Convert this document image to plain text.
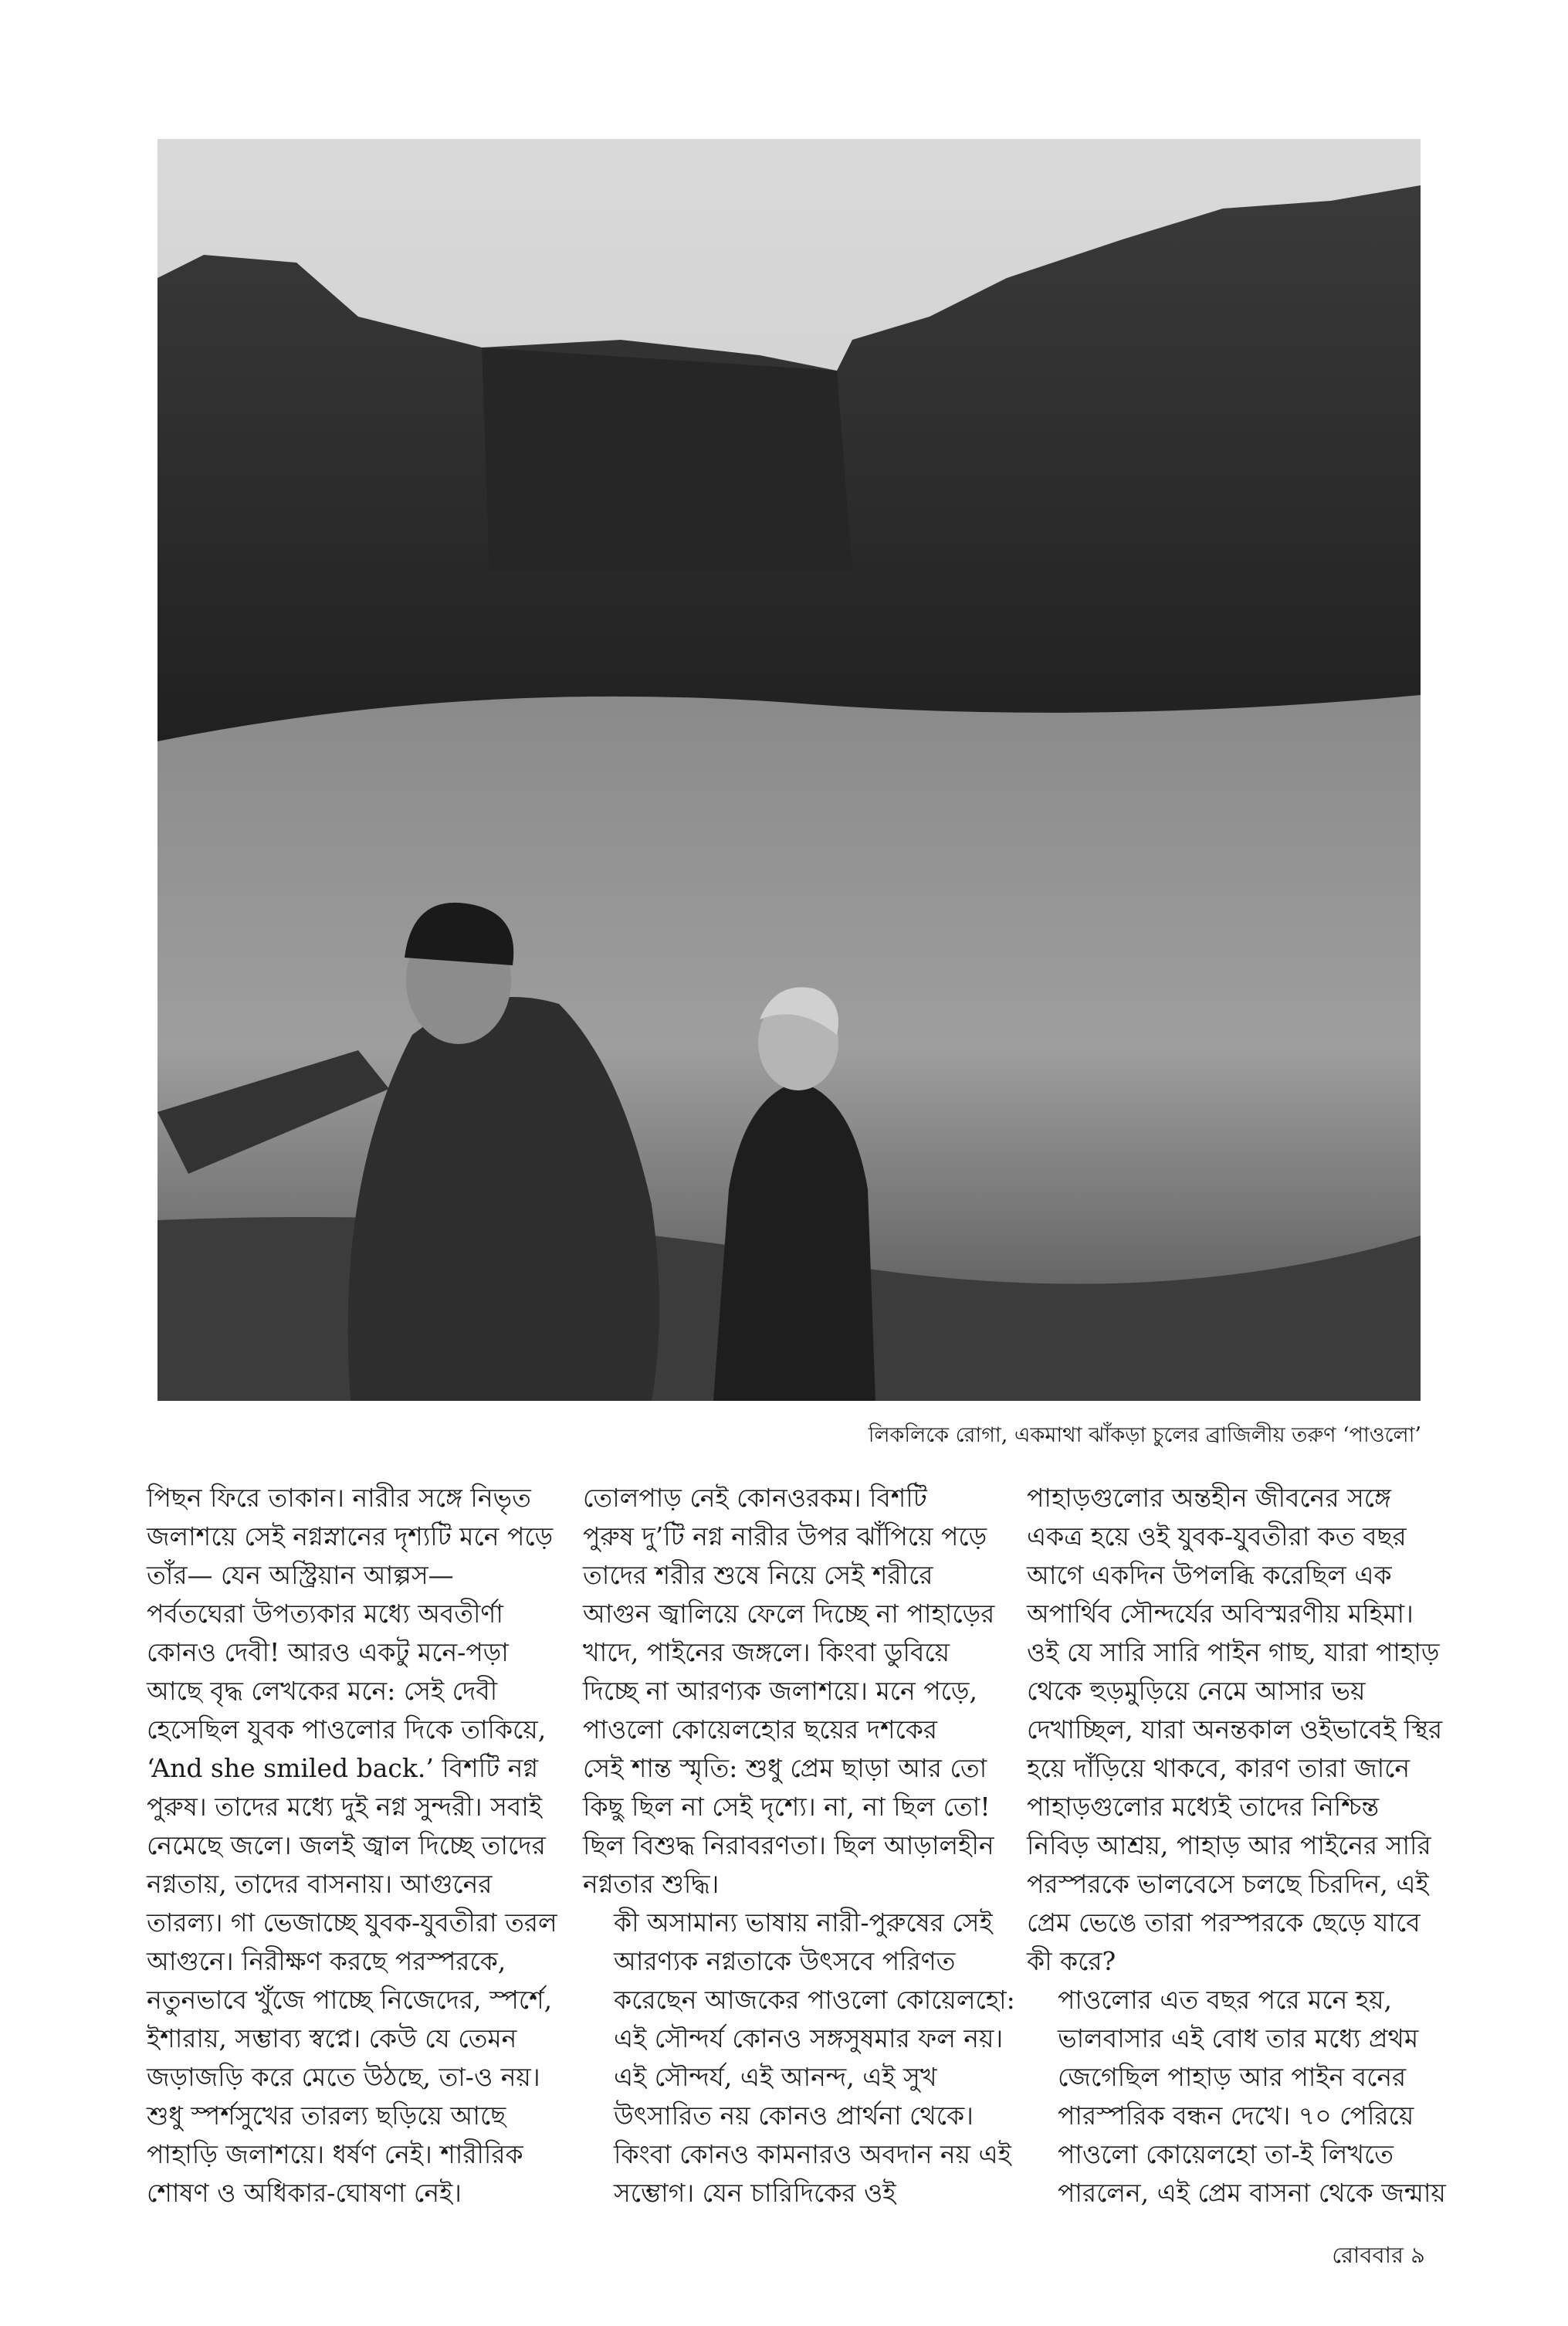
লিকলিকে রোগা, একমাথা ঝাঁকড়া চুলের ব্রাজিলীয় তরুণ ‘পাওলো’

পিছন ফিরে তাকান। নারীর সঙ্গে নিভৃত
জলাশয়ে সেই নগ্নস্নানের দৃশ্যটি মনে পড়ে
তাঁর— যেন অস্ট্রিয়ান আল্পস—
পর্বতঘেরা উপত্যকার মধ্যে অবতীর্ণা
কোনও দেবী! আরও একটু মনে-পড়া
আছে বৃদ্ধ লেখকের মনে: সেই দেবী
হেসেছিল যুবক পাওলোর দিকে তাকিয়ে,
‘And she smiled back.’ বিশটি নগ্ন
পুরুষ। তাদের মধ্যে দুই নগ্ন সুন্দরী। সবাই
নেমেছে জলে। জলই জ্বাল দিচ্ছে তাদের
নগ্নতায়, তাদের বাসনায়। আগুনের
তারল্য। গা ভেজাচ্ছে যুবক-যুবতীরা তরল
আগুনে। নিরীক্ষণ করছে পরস্পরকে,
নতুনভাবে খুঁজে পাচ্ছে নিজেদের, স্পর্শে,
ইশারায়, সম্ভাব্য স্বপ্নে। কেউ যে তেমন
জড়াজড়ি করে মেতে উঠছে, তা-ও নয়।
শুধু স্পর্শসুখের তারল্য ছড়িয়ে আছে
পাহাড়ি জলাশয়ে। ধর্ষণ নেই। শারীরিক
শোষণ ও অধিকার-ঘোষণা নেই।

তোলপাড় নেই কোনওরকম। বিশটি
পুরুষ দু’টি নগ্ন নারীর উপর ঝাঁপিয়ে পড়ে
তাদের শরীর শুষে নিয়ে সেই শরীরে
আগুন জ্বালিয়ে ফেলে দিচ্ছে না পাহাড়ের
খাদে, পাইনের জঙ্গলে। কিংবা ডুবিয়ে
দিচ্ছে না আরণ্যক জলাশয়ে। মনে পড়ে,
পাওলো কোয়েলহোর ছয়ের দশকের
সেই শান্ত স্মৃতি: শুধু প্রেম ছাড়া আর তো
কিছু ছিল না সেই দৃশ্যে। না, না ছিল তো!
ছিল বিশুদ্ধ নিরাবরণতা। ছিল আড়ালহীন
নগ্নতার শুদ্ধি।

কী অসামান্য ভাষায় নারী-পুরুষের সেই
আরণ্যক নগ্নতাকে উৎসবে পরিণত
করেছেন আজকের পাওলো কোয়েলহো:
এই সৌন্দর্য কোনও সঙ্গসুষমার ফল নয়।
এই সৌন্দর্য, এই আনন্দ, এই সুখ
উৎসারিত নয় কোনও প্রার্থনা থেকে।
কিংবা কোনও কামনারও অবদান নয় এই
সম্ভোগ। যেন চারিদিকের ওই

পাহাড়গুলোর অন্তহীন জীবনের সঙ্গে
একত্র হয়ে ওই যুবক-যুবতীরা কত বছর
আগে একদিন উপলব্ধি করেছিল এক
অপার্থিব সৌন্দর্যের অবিস্মরণীয় মহিমা।
ওই যে সারি সারি পাইন গাছ, যারা পাহাড়
থেকে হুড়মুড়িয়ে নেমে আসার ভয়
দেখাচ্ছিল, যারা অনন্তকাল ওইভাবেই স্থির
হয়ে দাঁড়িয়ে থাকবে, কারণ তারা জানে
পাহাড়গুলোর মধ্যেই তাদের নিশ্চিন্ত
নিবিড় আশ্রয়, পাহাড় আর পাইনের সারি
পরস্পরকে ভালবেসে চলছে চিরদিন, এই
প্রেম ভেঙে তারা পরস্পরকে ছেড়ে যাবে
কী করে?

পাওলোর এত বছর পরে মনে হয়,
ভালবাসার এই বোধ তার মধ্যে প্রথম
জেগেছিল পাহাড় আর পাইন বনের
পারস্পরিক বন্ধন দেখে। ৭০ পেরিয়ে
পাওলো কোয়েলহো তা-ই লিখতে
পারলেন, এই প্রেম বাসনা থেকে জন্মায়

রোববার ৯
